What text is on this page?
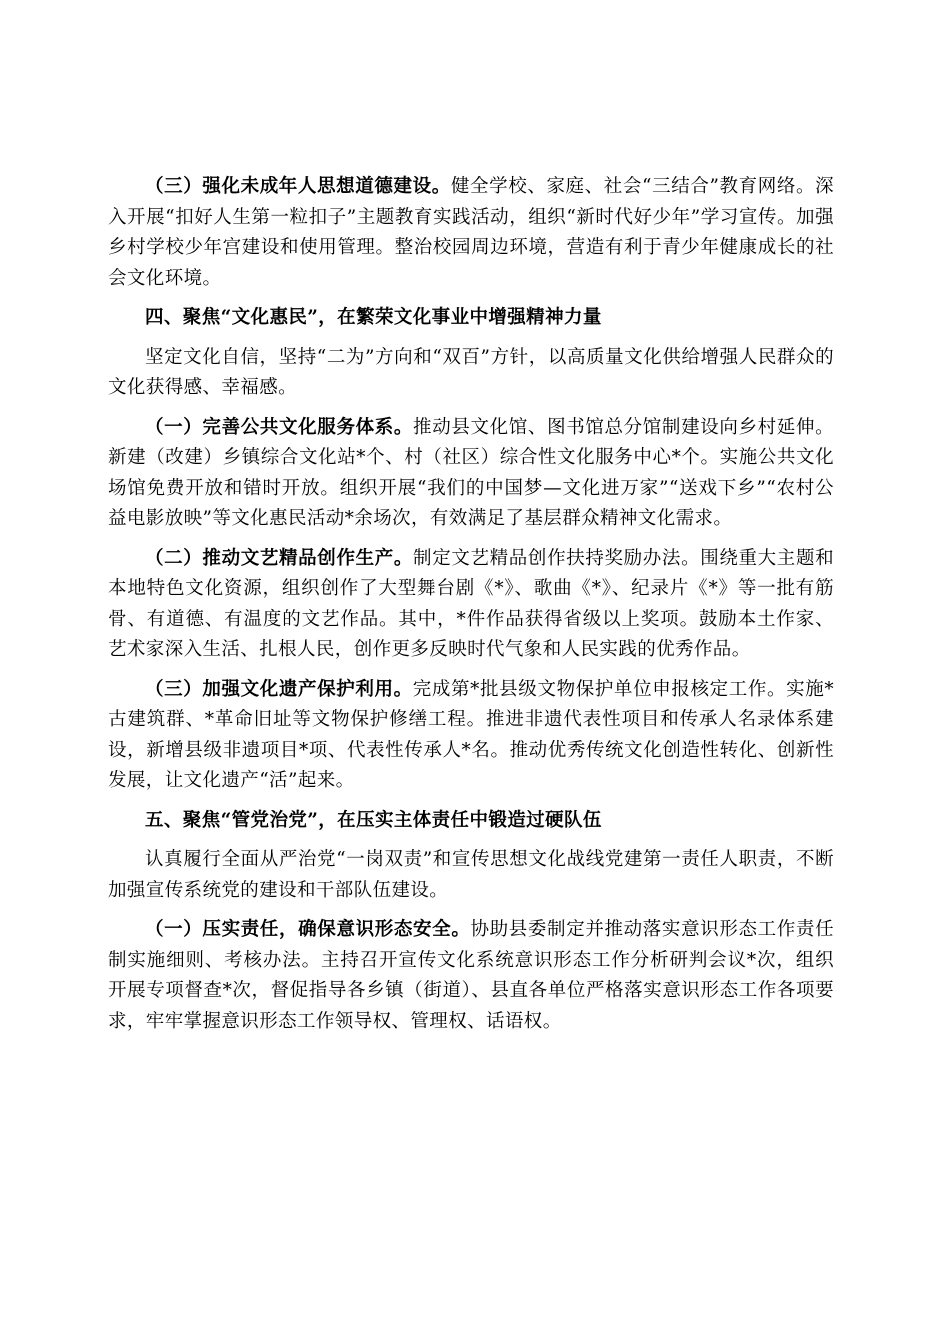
（三）强化未成年人思想道德建设。健全学校、家庭、社会“三结合”教育网络。深入开展“扣好人生第一粒扣子”主题教育实践活动，组织“新时代好少年”学习宣传。加强乡村学校少年宫建设和使用管理。整治校园周边环境，营造有利于青少年健康成长的社会文化环境。

四、聚焦“文化惠民”，在繁荣文化事业中增强精神力量

坚定文化自信，坚持“二为”方向和“双百”方针，以高质量文化供给增强人民群众的文化获得感、幸福感。

（一）完善公共文化服务体系。推动县文化馆、图书馆总分馆制建设向乡村延伸。新建（改建）乡镇综合文化站*个、村（社区）综合性文化服务中心*个。实施公共文化场馆免费开放和错时开放。组织开展“我们的中国梦—文化进万家”“送戏下乡”“农村公益电影放映”等文化惠民活动*余场次，有效满足了基层群众精神文化需求。

（二）推动文艺精品创作生产。制定文艺精品创作扶持奖励办法。围绕重大主题和本地特色文化资源，组织创作了大型舞台剧《*》、歌曲《*》、纪录片《*》等一批有筋骨、有道德、有温度的文艺作品。其中，*件作品获得省级以上奖项。鼓励本土作家、艺术家深入生活、扎根人民，创作更多反映时代气象和人民实践的优秀作品。

（三）加强文化遗产保护利用。完成第*批县级文物保护单位申报核定工作。实施*古建筑群、*革命旧址等文物保护修缮工程。推进非遗代表性项目和传承人名录体系建设，新增县级非遗项目*项、代表性传承人*名。推动优秀传统文化创造性转化、创新性发展，让文化遗产“活”起来。

五、聚焦“管党治党”，在压实主体责任中锻造过硬队伍

认真履行全面从严治党“一岗双责”和宣传思想文化战线党建第一责任人职责，不断加强宣传系统党的建设和干部队伍建设。

（一）压实责任，确保意识形态安全。协助县委制定并推动落实意识形态工作责任制实施细则、考核办法。主持召开宣传文化系统意识形态工作分析研判会议*次，组织开展专项督查*次，督促指导各乡镇（街道）、县直各单位严格落实意识形态工作各项要求，牢牢掌握意识形态工作领导权、管理权、话语权。
